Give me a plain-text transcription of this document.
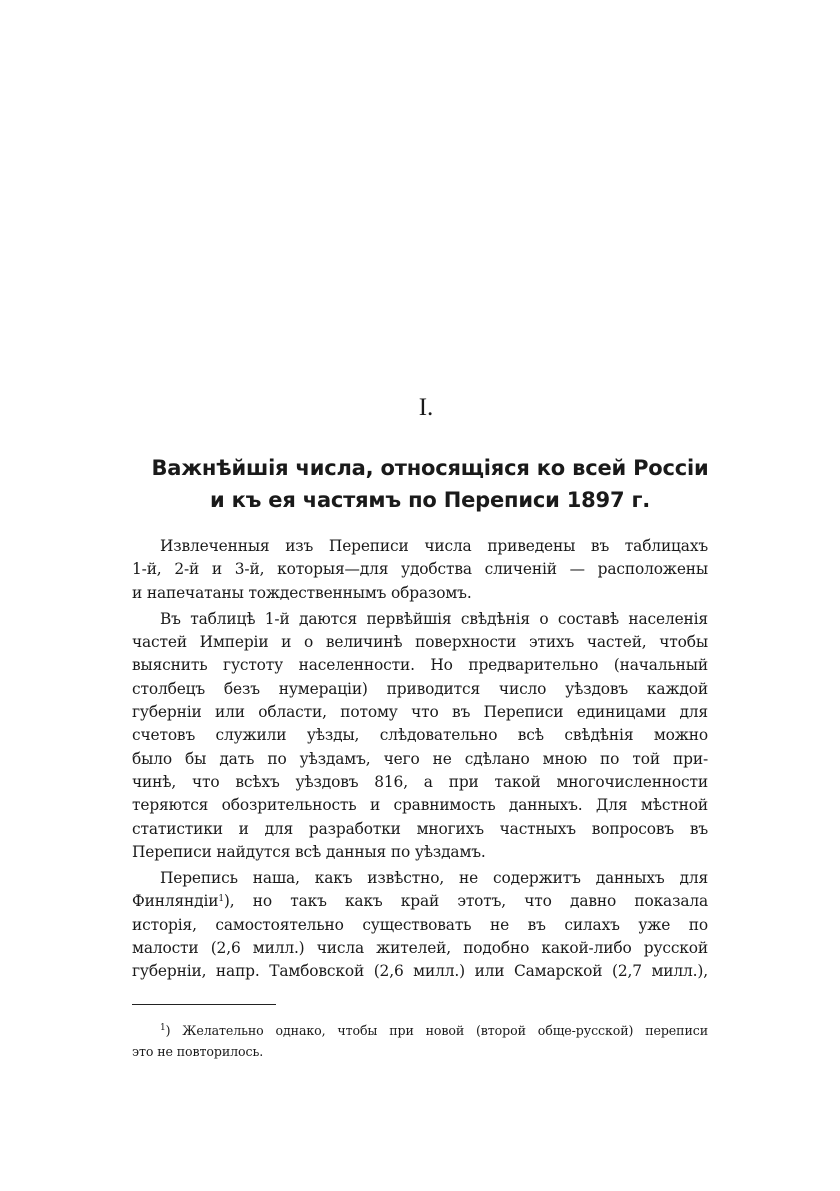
I.
Важнѣйшія числа, относящіяся ко всей Россіи
и къ ея частямъ по Переписи 1897 г.
Извлеченныя изъ Переписи числа приведены въ таблицахъ
1-й, 2-й и 3-й, которыя—для удобства сличеній — расположены
и напечатаны тождественнымъ образомъ.
Въ таблицѣ 1-й даются первѣйшія свѣдѣнія о составѣ населенія
частей Имперіи и о величинѣ поверхности этихъ частей, чтобы
выяснить густоту населенности. Но предварительно (начальный
столбецъ безъ нумераціи) приводится число уѣздовъ каждой
губерніи или области, потому что въ Переписи единицами для
счетовъ служили уѣзды, слѣдовательно всѣ свѣдѣнія можно
было бы дать по уѣздамъ, чего не сдѣлано мною по той при-
чинѣ, что всѣхъ уѣздовъ 816, а при такой многочисленности
теряются обозрительность и сравнимость данныхъ. Для мѣстной
статистики и для разработки многихъ частныхъ вопросовъ въ
Переписи найдутся всѣ данныя по уѣздамъ.
Перепись наша, какъ извѣстно, не содержитъ данныхъ для
Финляндіи$^1$), но такъ какъ край этотъ, что давно показала
исторія, самостоятельно существовать не въ силахъ уже по
малости (2,6 милл.) числа жителей, подобно какой-либо русской
губерніи, напр. Тамбовской (2,6 милл.) или Самарской (2,7 милл.),
$^1$) Желательно однако, чтобы при новой (второй обще-русской) переписи
это не повторилось.
